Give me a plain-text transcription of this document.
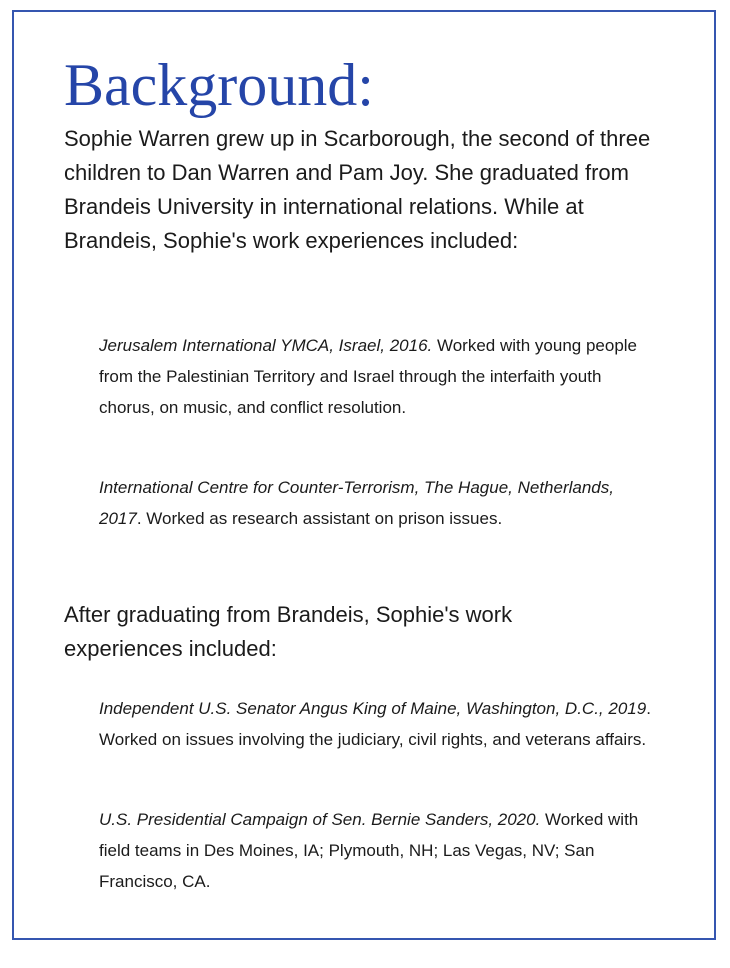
Background:

Sophie Warren grew up in Scarborough, the second of three children to Dan Warren and Pam Joy. She graduated from Brandeis University in international relations. While at Brandeis, Sophie's work experiences included:

Jerusalem International YMCA, Israel, 2016. Worked with young people from the Palestinian Territory and Israel through the interfaith youth chorus, on music, and conflict resolution.

International Centre for Counter-Terrorism, The Hague, Netherlands, 2017. Worked as research assistant on prison issues.

After graduating from Brandeis, Sophie's work experiences included:

Independent U.S. Senator Angus King of Maine, Washington, D.C., 2019. Worked on issues involving the judiciary, civil rights, and veterans affairs.

U.S. Presidential Campaign of Sen. Bernie Sanders, 2020. Worked with field teams in Des Moines, IA; Plymouth, NH; Las Vegas, NV; San Francisco, CA.
